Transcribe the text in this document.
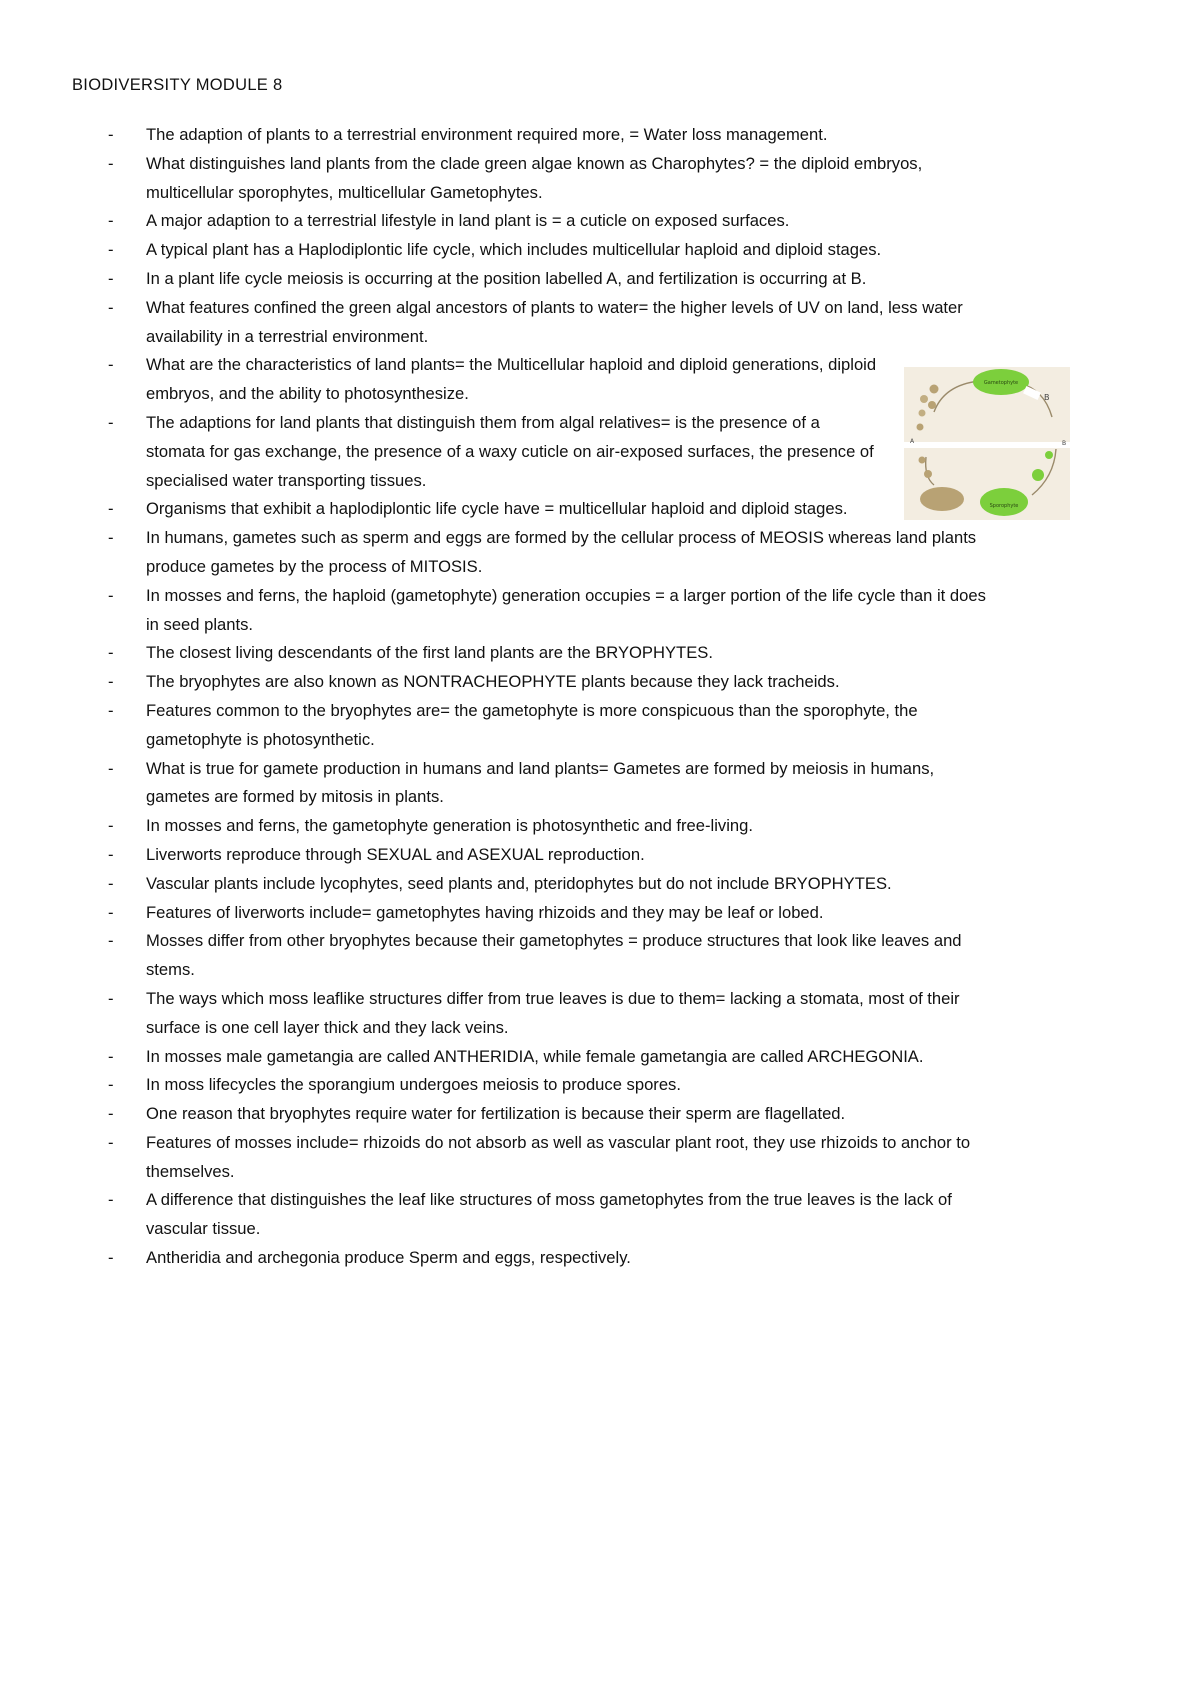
BIODIVERSITY MODULE 8
-	The adaption of plants to a terrestrial environment required more, = Water loss management.
-	What distinguishes land plants from the clade green algae known as Charophytes? = the diploid embryos, multicellular sporophytes, multicellular Gametophytes.
-	A major adaption to a terrestrial lifestyle in land plant is = a cuticle on exposed surfaces.
-	A typical plant has a Haplodiplontic life cycle, which includes multicellular haploid and diploid stages.
-	In a plant life cycle meiosis is occurring at the position labelled A, and fertilization is occurring at B.
-	What features confined the green algal ancestors of plants to water= the higher levels of UV on land, less water availability in a terrestrial environment.
-	What are the characteristics of land plants= the Multicellular haploid and diploid generations, diploid embryos, and the ability to photosynthesize.
-	The adaptions for land plants that distinguish them from algal relatives= is the presence of a stomata for gas exchange, the presence of a waxy cuticle on air-exposed surfaces, the presence of specialised water transporting tissues.
-	Organisms that exhibit a haplodiplontic life cycle have = multicellular haploid and diploid stages.
-	In humans, gametes such as sperm and eggs are formed by the cellular process of MEOSIS whereas land plants produce gametes by the process of MITOSIS.
-	In mosses and ferns, the haploid (gametophyte) generation occupies = a larger portion of the life cycle than it does in seed plants.
-	The closest living descendants of the first land plants are the BRYOPHYTES.
-	The bryophytes are also known as NONTRACHEOPHYTE plants because they lack tracheids.
-	Features common to the bryophytes are= the gametophyte is more conspicuous than the sporophyte, the gametophyte is photosynthetic.
-	What is true for gamete production in humans and land plants= Gametes are formed by meiosis in humans, gametes are formed by mitosis in plants.
-	In mosses and ferns, the gametophyte generation is photosynthetic and free-living.
-	Liverworts reproduce through SEXUAL and ASEXUAL reproduction.
-	Vascular plants include lycophytes, seed plants and, pteridophytes but do not include BRYOPHYTES.
-	Features of liverworts include= gametophytes having rhizoids and they may be leaf or lobed.
-	Mosses differ from other bryophytes because their gametophytes = produce structures that look like leaves and stems.
-	The ways which moss leaflike structures differ from true leaves is due to them= lacking a stomata, most of their surface is one cell layer thick and they lack veins.
-	In mosses male gametangia are called ANTHERIDIA, while female gametangia are called ARCHEGONIA.
-	In moss lifecycles the sporangium undergoes meiosis to produce spores.
-	One reason that bryophytes require water for fertilization is because their sperm are flagellated.
-	Features of mosses include= rhizoids do not absorb as well as vascular plant root, they use rhizoids to anchor to themselves.
-	A difference that distinguishes the leaf like structures of moss gametophytes from the true leaves is the lack of vascular tissue.
-	Antheridia and archegonia produce Sperm and eggs, respectively.
Gametophyte
Sporophyte
B
A	B
